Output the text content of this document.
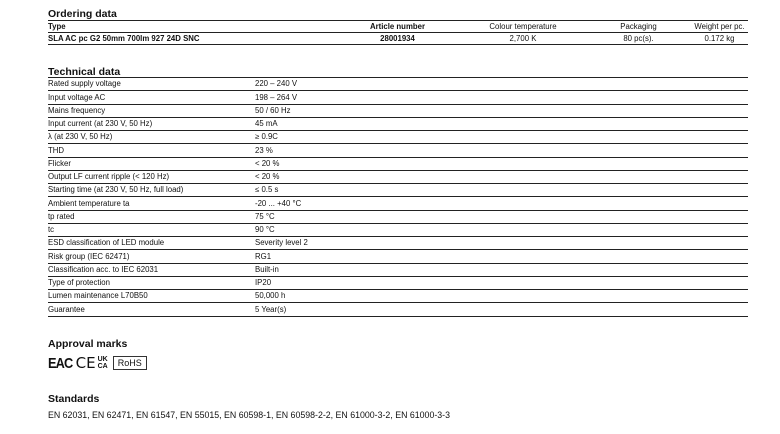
Ordering data
Type	Article number	Colour temperature	Packaging	Weight per pc.
SLA AC pc G2 50mm 700lm 927 24D SNC	28001934	2,700 K	80 pc(s).	0.172 kg
Technical data
Rated supply voltage	220 – 240 V
Input voltage AC	198 – 264 V
Mains frequency	50 / 60 Hz
Input current (at 230 V, 50 Hz)	45 mA
λ (at 230 V, 50 Hz)	≥ 0.9C
THD	23 %
Flicker	< 20 %
Output LF current ripple (< 120 Hz)	< 20 %
Starting time (at 230 V, 50 Hz, full load)	≤ 0.5 s
Ambient temperature ta	-20 ... +40 °C
tp rated	75 °C
tc	90 °C
ESD classification of LED module	Severity level 2
Risk group (IEC 62471)	RG1
Classification acc. to IEC 62031	Built-in
Type of protection	IP20
Lumen maintenance L70B50	50,000 h
Guarantee	5 Year(s)
Approval marks
EAC CE UK
CA	RoHS
Standards
EN 62031, EN 62471, EN 61547, EN 55015, EN 60598-1, EN 60598-2-2, EN 61000-3-2, EN 61000-3-3
